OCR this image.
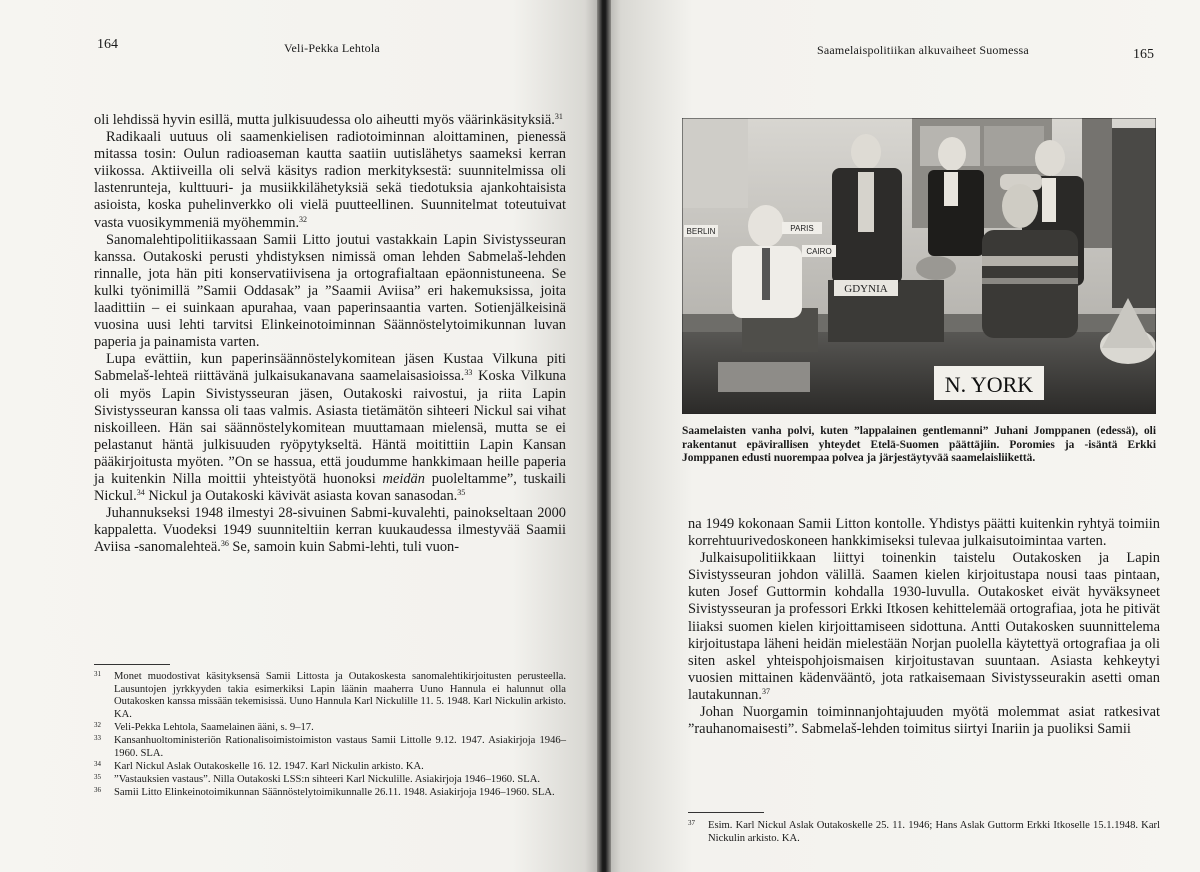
164	Veli-Pekka Lehtola

oli lehdissä hyvin esillä, mutta julkisuudessa olo aiheutti myös väärinkäsityksiä.$^{31}$

Radikaali uutuus oli saamenkielisen radiotoiminnan aloittaminen, pienessä mitassa tosin: Oulun radioaseman kautta saatiin uutislähetys saameksi kerran viikossa. Aktiiveilla oli selvä käsitys radion merkityksestä: suunnitelmissa oli lastenrunteja, kulttuuri- ja musiikkilähetyksiä sekä tiedotuksia ajankohtaisista asioista, koska puhelinverkko oli vielä puutteellinen. Suunnitelmat toteutuivat vasta vuosikymmeniä myöhemmin.$^{32}$

Sanomalehtipolitiikassaan Samii Litto joutui vastakkain Lapin Sivistysseuran kanssa. Outakoski perusti yhdistyksen nimissä oman lehden Sabmelaš-lehden rinnalle, jota hän piti konservatiivisena ja ortografialtaan epäonnistuneena. Se kulki työnimillä ”Samii Oddasak” ja ”Saamii Aviisa” eri hakemuksissa, joita laadittiin – ei suinkaan apurahaa, vaan paperinsaantia varten. Sotienjälkeisinä vuosina uusi lehti tarvitsi Elinkeinotoiminnan Säännöstelytoimikunnan luvan paperia ja painamista varten.

Lupa evättiin, kun paperinsäännöstelykomitean jäsen Kustaa Vilkuna piti Sabmelaš-lehteä riittävänä julkaisukanavana saamelaisasioissa.$^{33}$ Koska Vilkuna oli myös Lapin Sivistysseuran jäsen, Outakoski raivostui, ja riita Lapin Sivistysseuran kanssa oli taas valmis. Asiasta tietämätön sihteeri Nickul sai vihat niskoilleen. Hän sai säännöstelykomitean muuttamaan mielensä, mutta se ei pelastanut häntä julkisuuden ryöpytykseltä. Häntä moitittiin Lapin Kansan pääkirjoitusta myöten. ”On se hassua, että joudumme hankkimaan heille paperia ja kuitenkin Nilla moittii yhteistyötä huonoksi meidän puoleltamme”, tuskaili Nickul.$^{34}$ Nickul ja Outakoski kävivät asiasta kovan sanasodan.$^{35}$

Juhannukseksi 1948 ilmestyi 28-sivuinen Sabmi-kuvalehti, painokseltaan 2000 kappaletta. Vuodeksi 1949 suunniteltiin kerran kuukaudessa ilmestyvää Saamii Aviisa -sanomalehteä.$^{36}$ Se, samoin kuin Sabmi-lehti, tuli vuon-

$^{31}$	Monet muodostivat käsityksensä Samii Littosta ja Outakoskesta sanomalehtikirjoitusten perusteella. Lausuntojen jyrkkyyden takia esimerkiksi Lapin läänin maaherra Uuno Hannula ei halunnut olla Outakosken kanssa missään tekemisissä. Uuno Hannula Karl Nickulille 11. 5. 1948. Karl Nickulin arkisto. KA.
$^{32}$	Veli-Pekka Lehtola, Saamelainen ääni, s. 9–17.
$^{33}$	Kansanhuoltoministeriön Rationalisoimistoimiston vastaus Samii Littolle 9.12. 1947. Asiakirjoja 1946–1960. SLA.
$^{34}$	Karl Nickul Aslak Outakoskelle 16. 12. 1947. Karl Nickulin arkisto. KA.
$^{35}$	”Vastauksien vastaus”. Nilla Outakoski LSS:n sihteeri Karl Nickulille. Asiakirjoja 1946–1960. SLA.
$^{36}$	Samii Litto Elinkeinotoimikunnan Säännöstelytoimikunnalle 26.11. 1948. Asiakirjoja 1946–1960. SLA.
Saamelaispolitiikan alkuvaiheet Suomessa	165

na 1949 kokonaan Samii Litton kontolle. Yhdistys päätti kuitenkin ryhtyä toimiin korrehtuurivedoskoneen hankkimiseksi tulevaa julkaisutoimintaa varten.

Julkaisupolitiikkaan liittyi toinenkin taistelu Outakosken ja Lapin Sivistysseuran johdon välillä. Saamen kielen kirjoitustapa nousi taas pintaan, kuten Josef Guttormin kohdalla 1930-luvulla. Outakosket eivät hyväksyneet Sivistysseuran ja professori Erkki Itkosen kehittelemää ortografiaa, jota he pitivät liiaksi suomen kielen kirjoittamiseen sidottuna. Antti Outakosken suunnittelema kirjoitustapa läheni heidän mielestään Norjan puolella käytettyä ortografiaa ja oli siten askel yhteispohjoismaisen kirjoitustavan suuntaan. Asiasta kehkeytyi vuosien mittainen kädenvääntö, jota ratkaisemaan Sivistysseurakin asetti oman lautakunnan.$^{37}$

Johan Nuorgamin toiminnanjohtajuuden myötä molemmat asiat ratkesivat ”rauhanomaisesti”. Sabmelaš-lehden toimitus siirtyi Inariin ja puoliksi Samii

$^{37}$	Esim. Karl Nickul Aslak Outakoskelle 25. 11. 1946; Hans Aslak Guttorm Erkki Itkoselle 15.1.1948. Karl Nickulin arkisto. KA.
BERLIN	PARIS
CAIRO
GDYNIA
N. YORK
Saamelaisten vanha polvi, kuten ”lappalainen gentlemanni” Juhani Jomppanen (edessä), oli rakentanut epävirallisen yhteydet Etelä-Suomen päättäjiin. Poromies ja -isäntä Erkki Jomppanen edusti nuorempaa polvea ja järjestäytyvää saamelaisliikettä.
